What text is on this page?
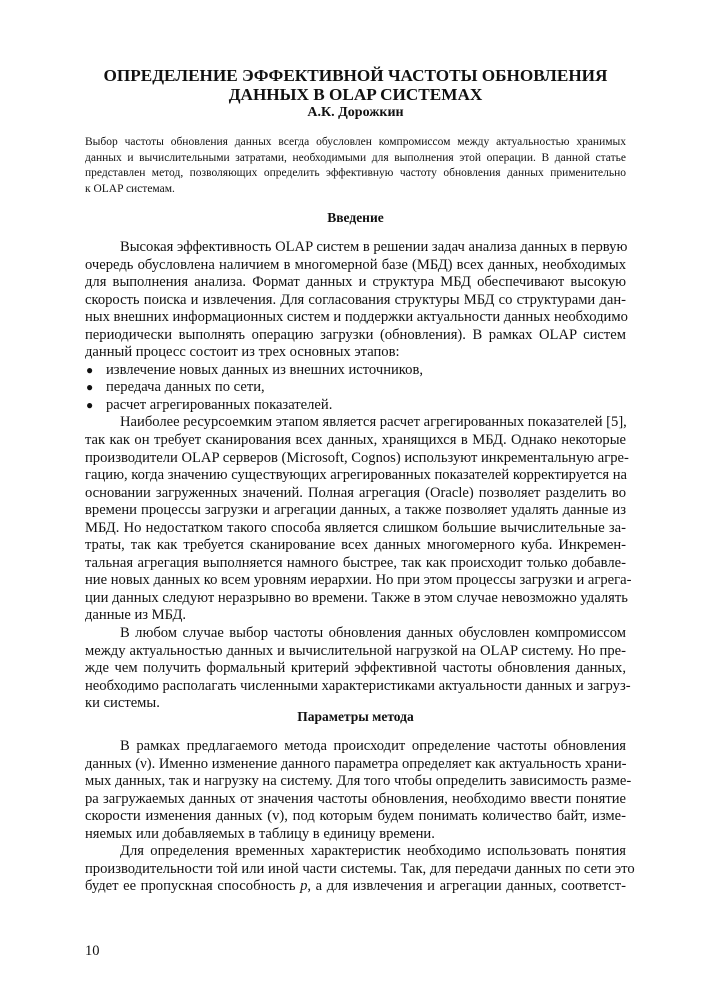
ОПРЕДЕЛЕНИЕ ЭФФЕКТИВНОЙ ЧАСТОТЫ ОБНОВЛЕНИЯ
ДАННЫХ В OLAP СИСТЕМАХ

А.К. Дорожкин

Выбор частоты обновления данных всегда обусловлен компромиссом между актуальностью хранимых
данных и вычислительными затратами, необходимыми для выполнения этой операции. В данной статье
представлен метод, позволяющих определить эффективную частоту обновления данных применительно
к OLAP системам.
Введение
Высокая эффективность OLAP систем в решении задач анализа данных в первую
очередь обусловлена наличием в многомерной базе (МБД) всех данных, необходимых
для выполнения анализа. Формат данных и структура МБД обеспечивают высокую
скорость поиска и извлечения. Для согласования структуры МБД со структурами дан-
ных внешних информационных систем и поддержки актуальности данных необходимо
периодически выполнять операцию загрузки (обновления). В рамках OLAP систем
данный процесс состоит из трех основных этапов:
● извлечение новых данных из внешних источников,
● передача данных по сети,
● расчет агрегированных показателей.
Наиболее ресурсоемким этапом является расчет агрегированных показателей [5],
так как он требует сканирования всех данных, хранящихся в МБД. Однако некоторые
производители OLAP серверов (Microsoft, Cognos) используют инкрементальную агре-
гацию, когда значению существующих агрегированных показателей корректируется на
основании загруженных значений. Полная агрегация (Oracle) позволяет разделить во
времени процессы загрузки и агрегации данных, а также позволяет удалять данные из
МБД. Но недостатком такого способа является слишком большие вычислительные за-
траты, так как требуется сканирование всех данных многомерного куба. Инкремен-
тальная агрегация выполняется намного быстрее, так как происходит только добавле-
ние новых данных ко всем уровням иерархии. Но при этом процессы загрузки и агрега-
ции данных следуют неразрывно во времени. Также в этом случае невозможно удалять
данные из МБД.
В любом случае выбор частоты обновления данных обусловлен компромиссом
между актуальностью данных и вычислительной нагрузкой на OLAP систему. Но пре-
жде чем получить формальный критерий эффективной частоты обновления данных,
необходимо располагать численными характеристиками актуальности данных и загруз-
ки системы.
Параметры метода
В рамках предлагаемого метода происходит определение частоты обновления
данных (ν). Именно изменение данного параметра определяет как актуальность храни-
мых данных, так и нагрузку на систему. Для того чтобы определить зависимость разме-
ра загружаемых данных от значения частоты обновления, необходимо ввести понятие
скорости изменения данных (v), под которым будем понимать количество байт, изме-
няемых или добавляемых в таблицу в единицу времени.
Для определения временных характеристик необходимо использовать понятия
производительности той или иной части системы. Так, для передачи данных по сети это
будет ее пропускная способность p, а для извлечения и агрегации данных, соответст-

10
